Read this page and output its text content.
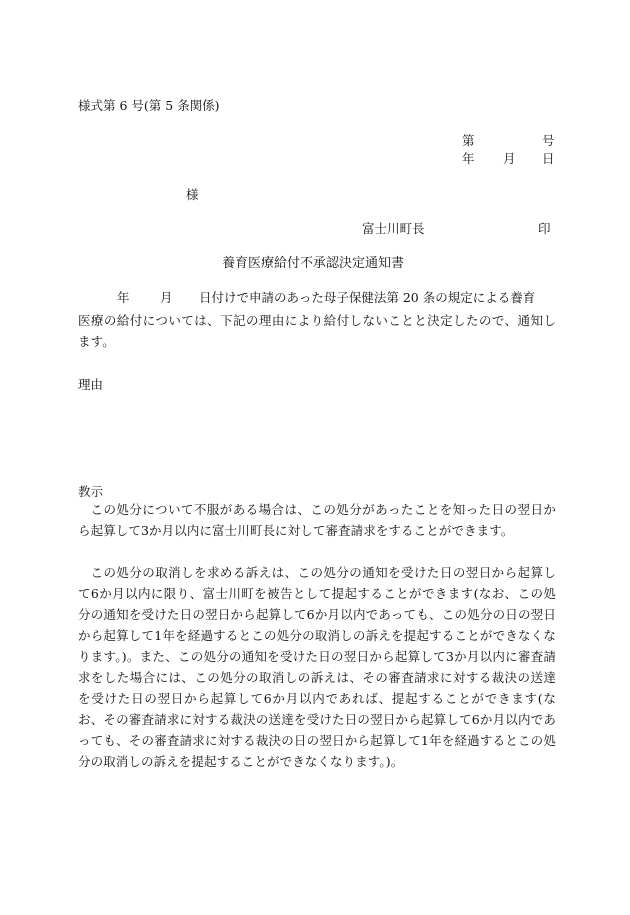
様式第 6 号(第 5 条関係)
第	号
年 月 日
様
富士川町長	印
養育医療給付不承認決定通知書
年 月 日付けで申請のあった母子保健法第 20 条の規定による養育
医療の給付については、下記の理由により給付しないことと決定したので、通知します。
理由
教示
この処分について不服がある場合は、この処分があったことを知った日の翌日から起算して3か月以内に富士川町長に対して審査請求をすることができます。
この処分の取消しを求める訴えは、この処分の通知を受けた日の翌日から起算して6か月以内に限り、富士川町を被告として提起することができます(なお、この処分の通知を受けた日の翌日から起算して6か月以内であっても、この処分の日の翌日から起算して1年を経過するとこの処分の取消しの訴えを提起することができなくなります。)。また、この処分の通知を受けた日の翌日から起算して3か月以内に審査請求をした場合には、この処分の取消しの訴えは、その審査請求に対する裁決の送達を受けた日の翌日から起算して6か月以内であれば、提起することができます(なお、その審査請求に対する裁決の送達を受けた日の翌日から起算して6か月以内であっても、その審査請求に対する裁決の日の翌日から起算して1年を経過するとこの処分の取消しの訴えを提起することができなくなります。)。
